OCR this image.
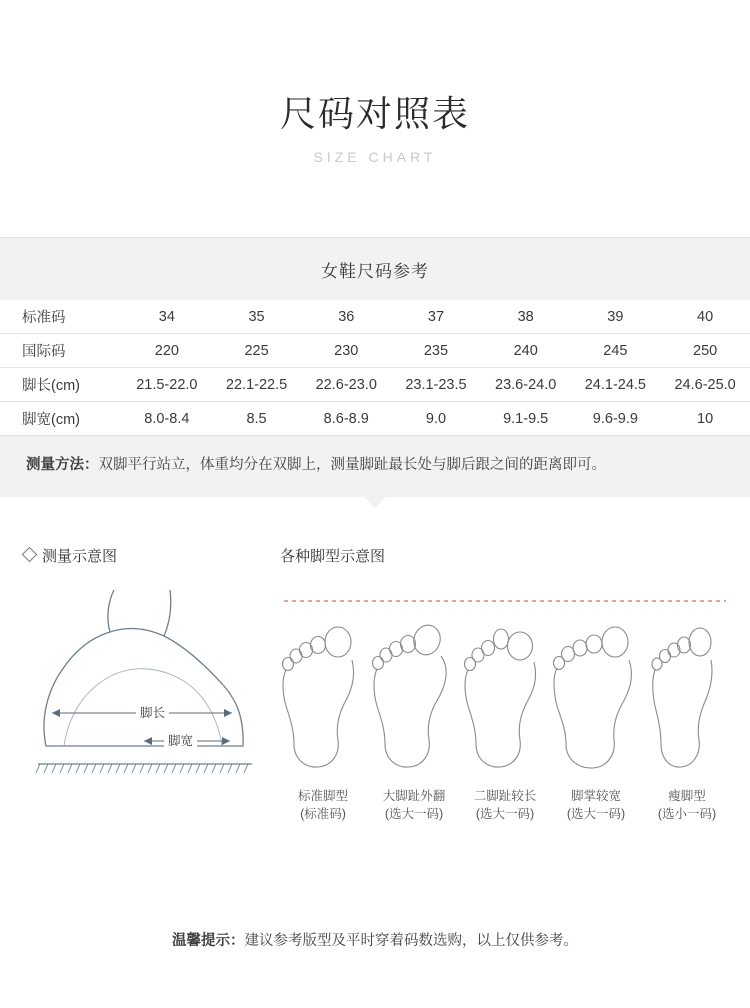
尺码对照表
SIZE CHART
女鞋尺码参考
标准码	34	35	36	37	38	39	40
国际码	220	225	230	235	240	245	250
脚长(cm)	21.5-22.0	22.1-22.5	22.6-23.0	23.1-23.5	23.6-24.0	24.1-24.5	24.6-25.0
脚宽(cm)	8.0-8.4	8.5	8.6-8.9	9.0	9.1-9.5	9.6-9.9	10
测量方法：双脚平行站立，体重均分在双脚上，测量脚趾最长处与脚后跟之间的距离即可。
测量示意图
脚长
脚宽
各种脚型示意图
标准脚型
(标准码)
大脚趾外翻
(选大一码)
二脚趾较长
(选大一码)
脚掌较宽
(选大一码)
瘦脚型
(选小一码)
温馨提示：建议参考版型及平时穿着码数选购，以上仅供参考。
